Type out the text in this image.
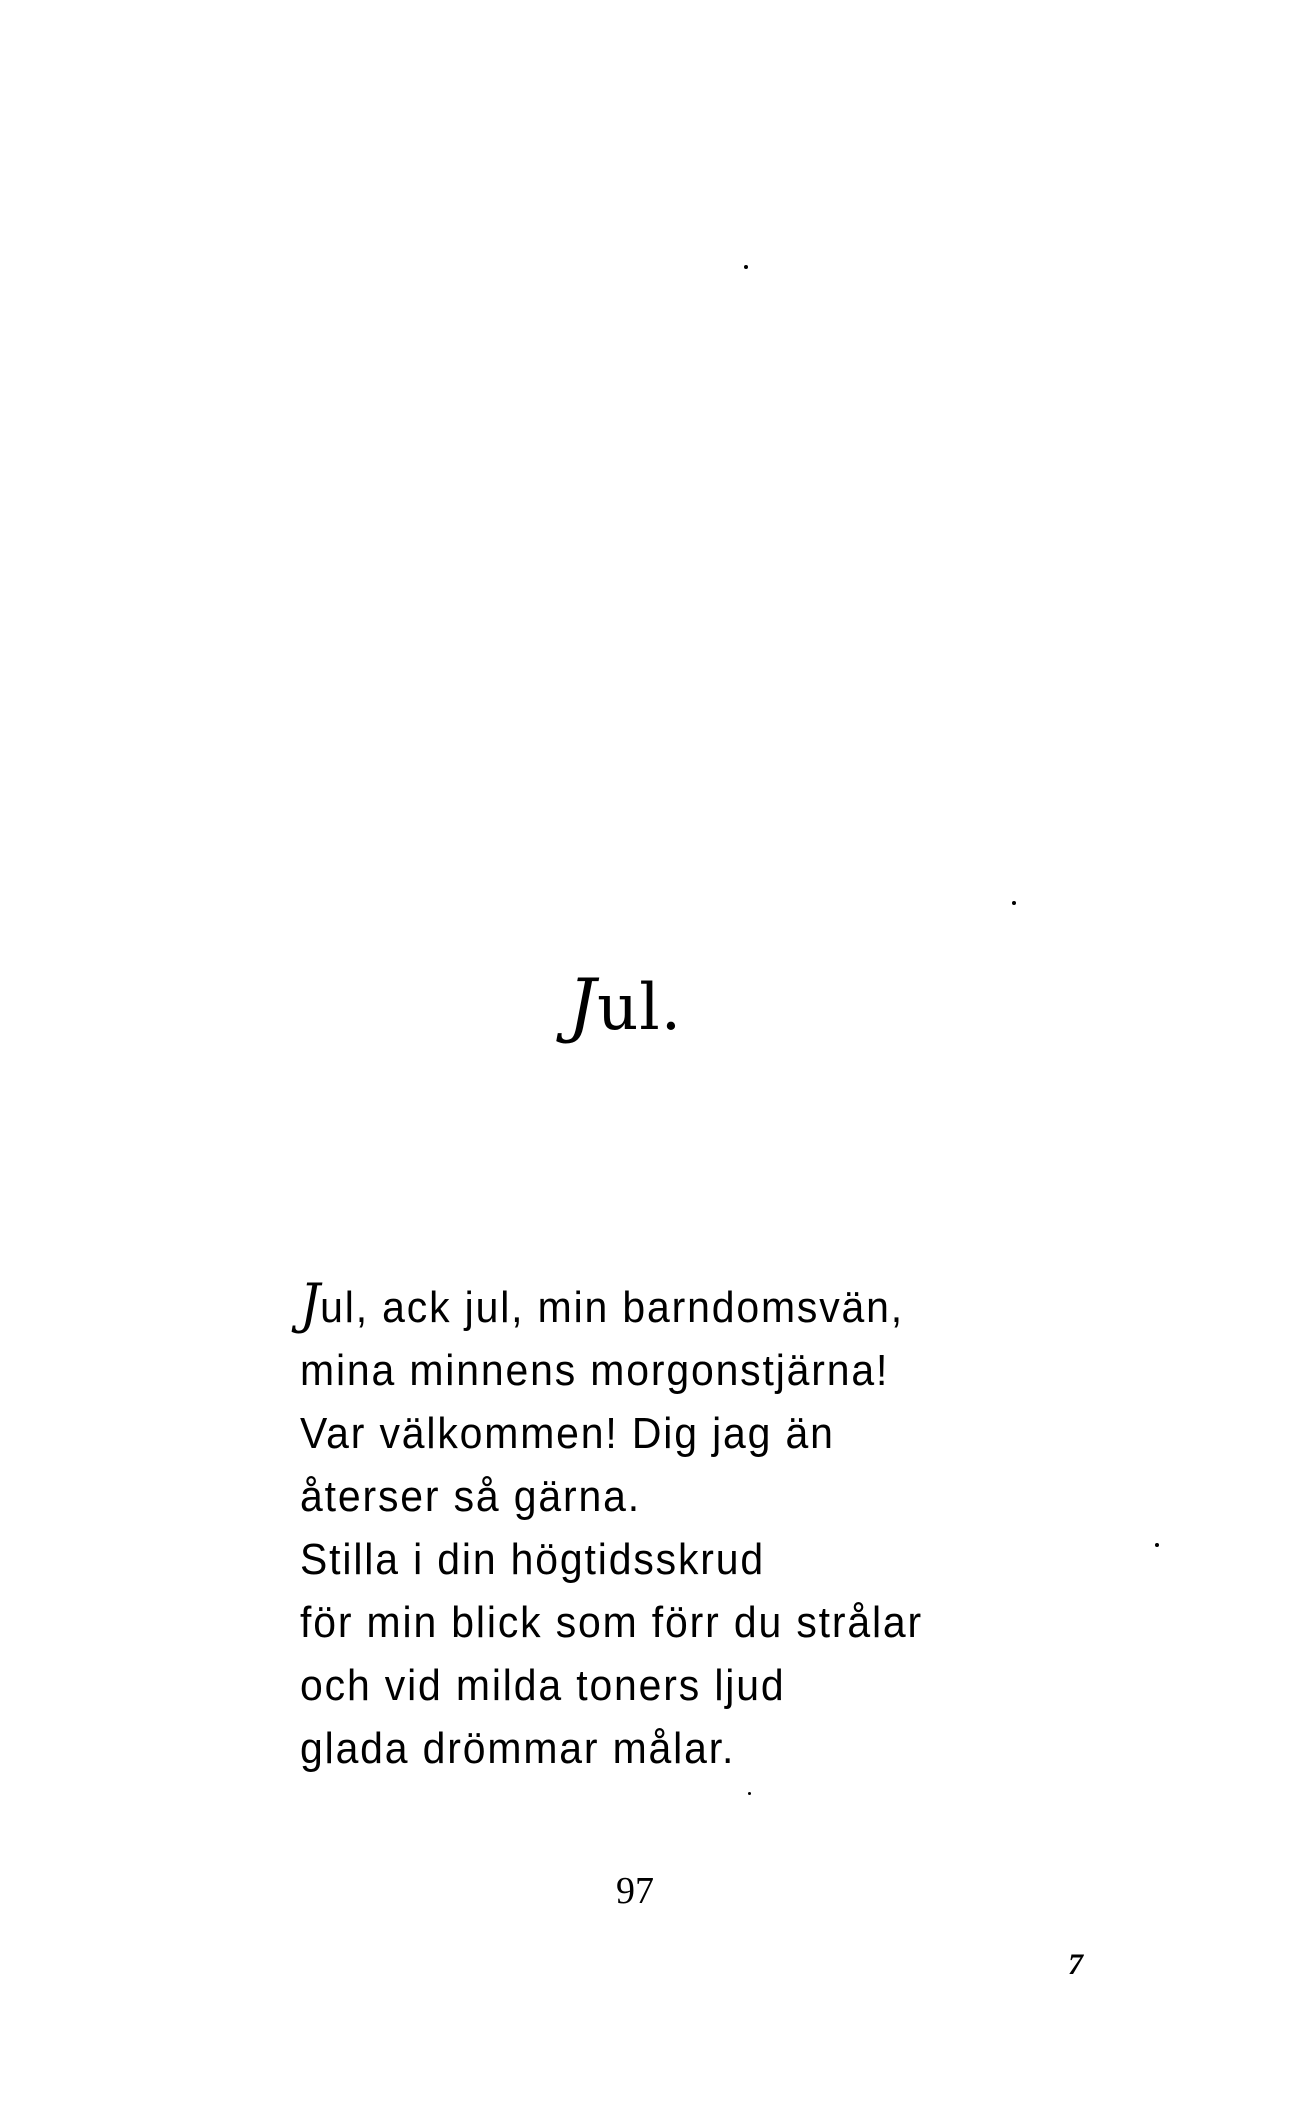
Jul.
Jul, ack jul, min barndomsvän,
mina minnens morgonstjärna!
Var välkommen! Dig jag än
återser så gärna.
Stilla i din högtidsskrud
för min blick som förr du strålar
och vid milda toners ljud
glada drömmar målar.
97
7
